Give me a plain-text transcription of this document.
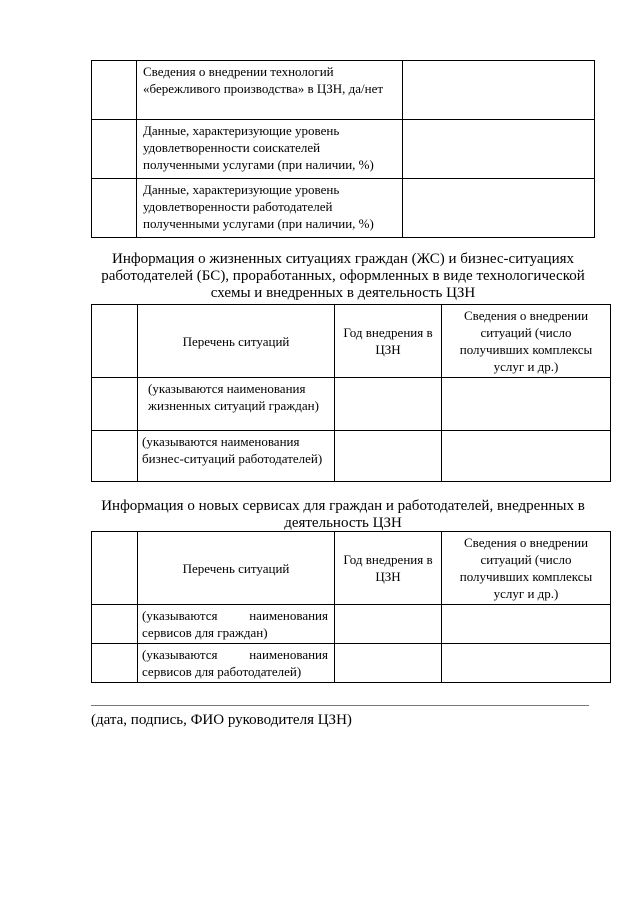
	Сведения о внедрении технологий «бережливого производства» в ЦЗН, да/нет	
	Данные, характеризующие уровень удовлетворенности соискателей полученными услугами (при наличии, %)	
	Данные, характеризующие уровень удовлетворенности работодателей полученными услугами (при наличии, %)	
Информация о жизненных ситуациях граждан (ЖС) и бизнес-ситуациях работодателей (БС), проработанных, оформленных в виде технологической схемы и внедренных в деятельность ЦЗН
	Перечень ситуаций	Год внедрения в ЦЗН	Сведения о внедрении ситуаций (число получивших комплексы услуг и др.)
	(указываются наименования жизненных ситуаций граждан)		
	(указываются наименования бизнес-ситуаций работодателей)		
Информация о новых сервисах для граждан и работодателей, внедренных в деятельность ЦЗН
	Перечень ситуаций	Год внедрения в ЦЗН	Сведения о внедрении ситуаций (число получивших комплексы услуг и др.)
	(указываются наименования сервисов для граждан)		
	(указываются наименования сервисов для работодателей)		
(дата, подпись, ФИО руководителя ЦЗН)
